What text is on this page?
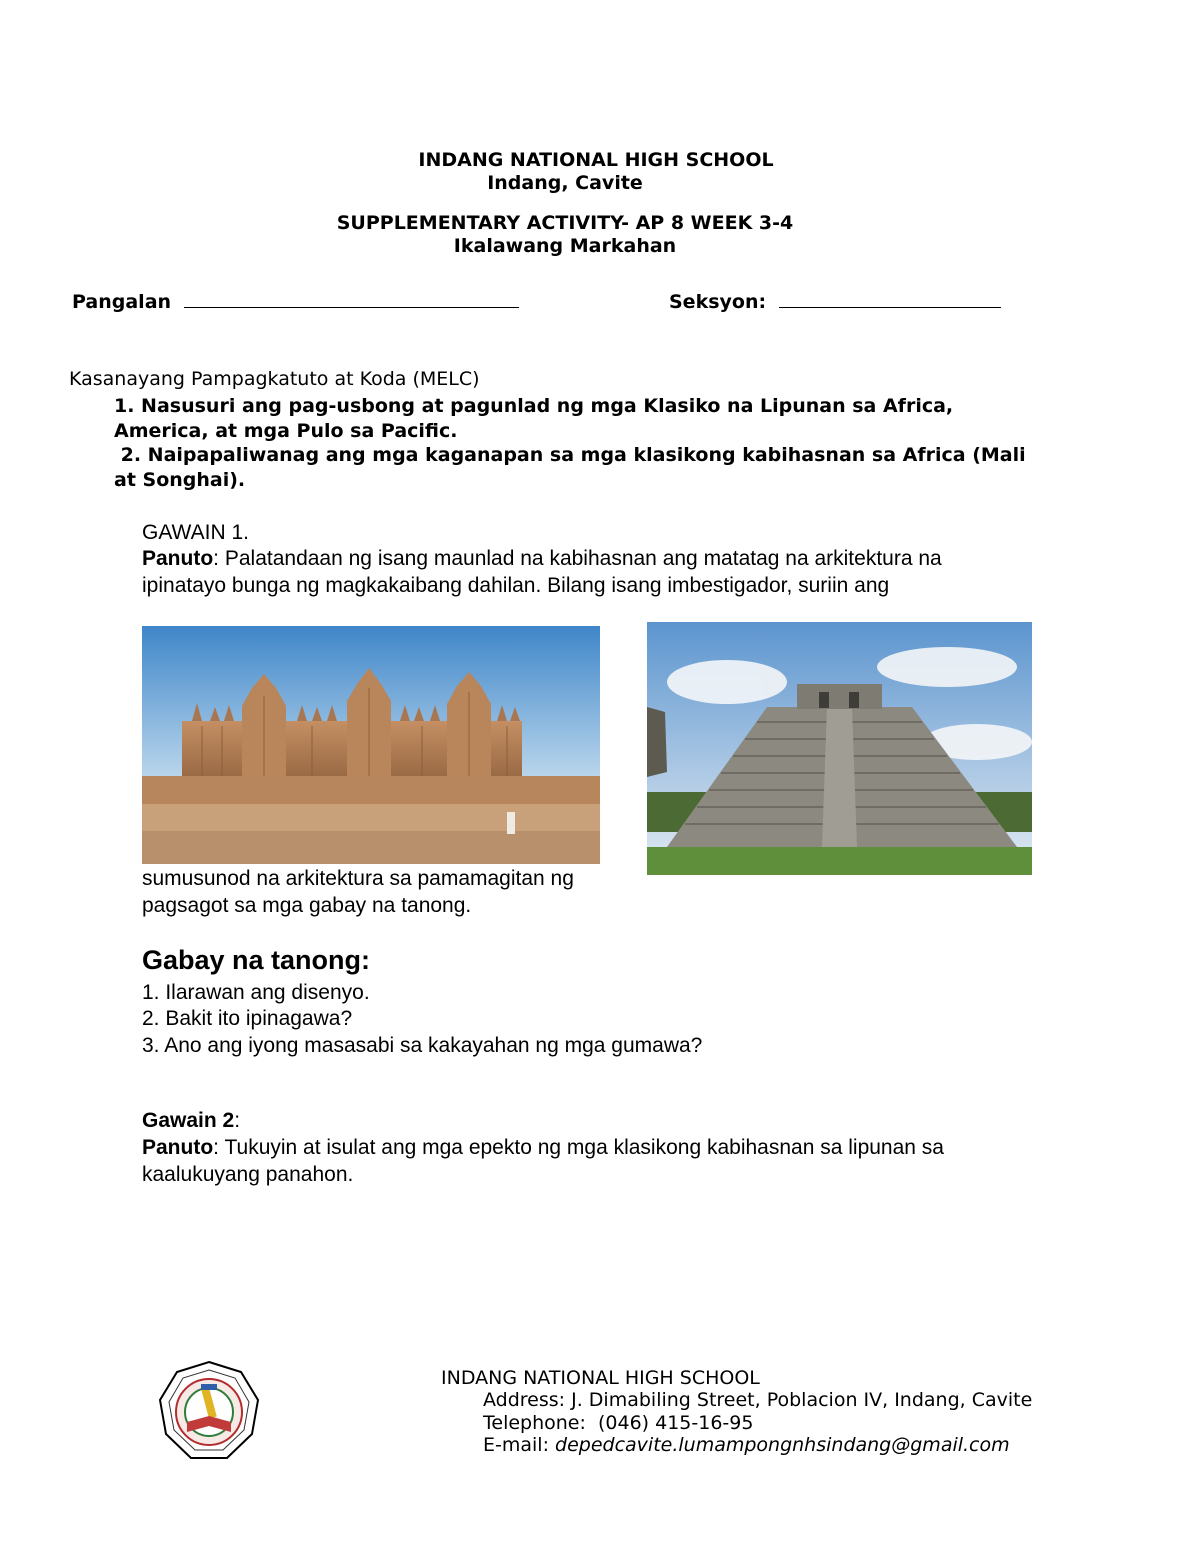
INDANG NATIONAL HIGH SCHOOL
Indang, Cavite
SUPPLEMENTARY ACTIVITY- AP 8 WEEK 3-4
Ikalawang Markahan
Pangalan	Seksyon:
Kasanayang Pampagkatuto at Koda (MELC)
1. Nasusuri ang pag-usbong at pagunlad ng mga Klasiko na Lipunan sa Africa,
America, at mga Pulo sa Pacific.
2. Naipapaliwanag ang mga kaganapan sa mga klasikong kabihasnan sa Africa (Mali
at Songhai).
GAWAIN 1.
Panuto: Palatandaan ng isang maunlad na kabihasnan ang matatag na arkitektura na
ipinatayo bunga ng magkakaibang dahilan. Bilang isang imbestigador, suriin ang
sumusunod na arkitektura sa pamamagitan ng
pagsagot sa mga gabay na tanong.
Gabay na tanong:
1. Ilarawan ang disenyo.
2. Bakit ito ipinagawa?
3. Ano ang iyong masasabi sa kakayahan ng mga gumawa?
Gawain 2:
Panuto: Tukuyin at isulat ang mga epekto ng mga klasikong kabihasnan sa lipunan sa
kaalukuyang panahon.
INDANG NATIONAL HIGH SCHOOL
Address: J. Dimabiling Street, Poblacion IV, Indang, Cavite
Telephone:  (046) 415-16-95
E-mail: depedcavite.lumampongnhsindang@gmail.com
